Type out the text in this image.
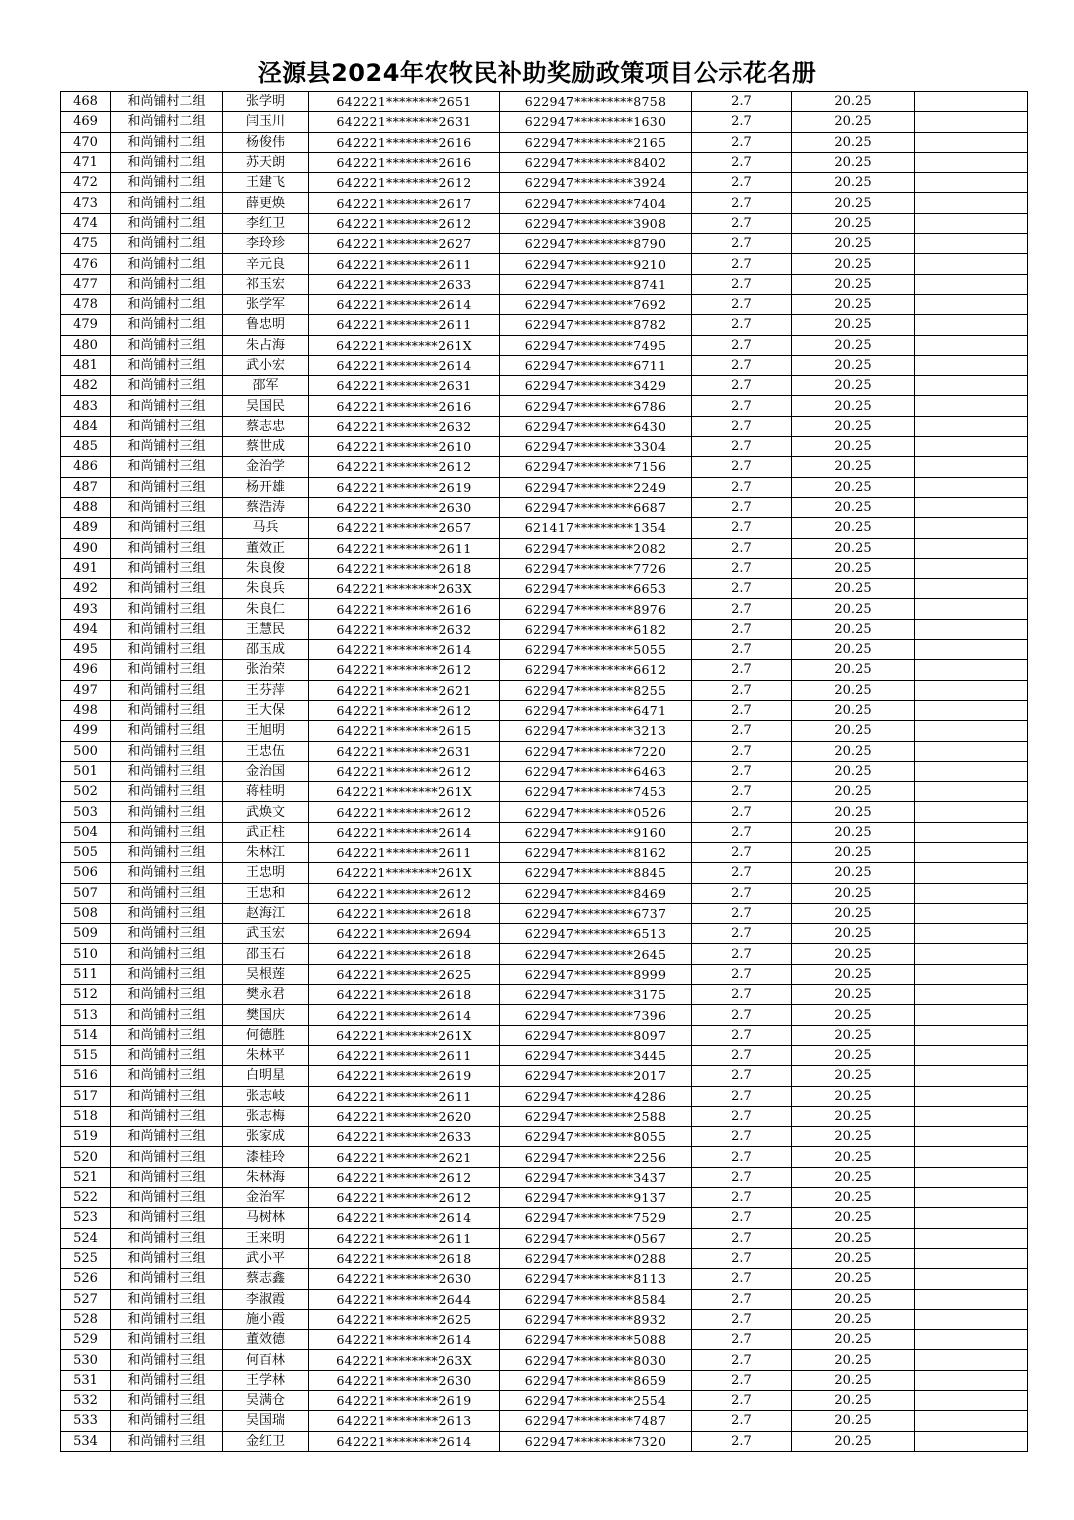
泾源县2024年农牧民补助奖励政策项目公示花名册
468	和尚铺村二组	张学明	642221********2651	622947*********8758	2.7	20.25	
469	和尚铺村二组	闫玉川	642221********2631	622947*********1630	2.7	20.25	
470	和尚铺村二组	杨俊伟	642221********2616	622947*********2165	2.7	20.25	
471	和尚铺村二组	苏天朗	642221********2616	622947*********8402	2.7	20.25	
472	和尚铺村二组	王建飞	642221********2612	622947*********3924	2.7	20.25	
473	和尚铺村二组	薛更焕	642221********2617	622947*********7404	2.7	20.25	
474	和尚铺村二组	李红卫	642221********2612	622947*********3908	2.7	20.25	
475	和尚铺村二组	李玲珍	642221********2627	622947*********8790	2.7	20.25	
476	和尚铺村二组	辛元良	642221********2611	622947*********9210	2.7	20.25	
477	和尚铺村二组	祁玉宏	642221********2633	622947*********8741	2.7	20.25	
478	和尚铺村二组	张学军	642221********2614	622947*********7692	2.7	20.25	
479	和尚铺村二组	鲁忠明	642221********2611	622947*********8782	2.7	20.25	
480	和尚铺村三组	朱占海	642221********261X	622947*********7495	2.7	20.25	
481	和尚铺村三组	武小宏	642221********2614	622947*********6711	2.7	20.25	
482	和尚铺村三组	邵军	642221********2631	622947*********3429	2.7	20.25	
483	和尚铺村三组	吴国民	642221********2616	622947*********6786	2.7	20.25	
484	和尚铺村三组	蔡志忠	642221********2632	622947*********6430	2.7	20.25	
485	和尚铺村三组	蔡世成	642221********2610	622947*********3304	2.7	20.25	
486	和尚铺村三组	金治学	642221********2612	622947*********7156	2.7	20.25	
487	和尚铺村三组	杨开雄	642221********2619	622947*********2249	2.7	20.25	
488	和尚铺村三组	蔡浩涛	642221********2630	622947*********6687	2.7	20.25	
489	和尚铺村三组	马兵	642221********2657	621417*********1354	2.7	20.25	
490	和尚铺村三组	董效正	642221********2611	622947*********2082	2.7	20.25	
491	和尚铺村三组	朱良俊	642221********2618	622947*********7726	2.7	20.25	
492	和尚铺村三组	朱良兵	642221********263X	622947*********6653	2.7	20.25	
493	和尚铺村三组	朱良仁	642221********2616	622947*********8976	2.7	20.25	
494	和尚铺村三组	王慧民	642221********2632	622947*********6182	2.7	20.25	
495	和尚铺村三组	邵玉成	642221********2614	622947*********5055	2.7	20.25	
496	和尚铺村三组	张治荣	642221********2612	622947*********6612	2.7	20.25	
497	和尚铺村三组	王芬萍	642221********2621	622947*********8255	2.7	20.25	
498	和尚铺村三组	王大保	642221********2612	622947*********6471	2.7	20.25	
499	和尚铺村三组	王旭明	642221********2615	622947*********3213	2.7	20.25	
500	和尚铺村三组	王忠伍	642221********2631	622947*********7220	2.7	20.25	
501	和尚铺村三组	金治国	642221********2612	622947*********6463	2.7	20.25	
502	和尚铺村三组	蒋桂明	642221********261X	622947*********7453	2.7	20.25	
503	和尚铺村三组	武焕文	642221********2612	622947*********0526	2.7	20.25	
504	和尚铺村三组	武正柱	642221********2614	622947*********9160	2.7	20.25	
505	和尚铺村三组	朱林江	642221********2611	622947*********8162	2.7	20.25	
506	和尚铺村三组	王忠明	642221********261X	622947*********8845	2.7	20.25	
507	和尚铺村三组	王忠和	642221********2612	622947*********8469	2.7	20.25	
508	和尚铺村三组	赵海江	642221********2618	622947*********6737	2.7	20.25	
509	和尚铺村三组	武玉宏	642221********2694	622947*********6513	2.7	20.25	
510	和尚铺村三组	邵玉石	642221********2618	622947*********2645	2.7	20.25	
511	和尚铺村三组	吴根莲	642221********2625	622947*********8999	2.7	20.25	
512	和尚铺村三组	樊永君	642221********2618	622947*********3175	2.7	20.25	
513	和尚铺村三组	樊国庆	642221********2614	622947*********7396	2.7	20.25	
514	和尚铺村三组	何德胜	642221********261X	622947*********8097	2.7	20.25	
515	和尚铺村三组	朱林平	642221********2611	622947*********3445	2.7	20.25	
516	和尚铺村三组	白明星	642221********2619	622947*********2017	2.7	20.25	
517	和尚铺村三组	张志岐	642221********2611	622947*********4286	2.7	20.25	
518	和尚铺村三组	张志梅	642221********2620	622947*********2588	2.7	20.25	
519	和尚铺村三组	张家成	642221********2633	622947*********8055	2.7	20.25	
520	和尚铺村三组	漆桂玲	642221********2621	622947*********2256	2.7	20.25	
521	和尚铺村三组	朱林海	642221********2612	622947*********3437	2.7	20.25	
522	和尚铺村三组	金治军	642221********2612	622947*********9137	2.7	20.25	
523	和尚铺村三组	马树林	642221********2614	622947*********7529	2.7	20.25	
524	和尚铺村三组	王来明	642221********2611	622947*********0567	2.7	20.25	
525	和尚铺村三组	武小平	642221********2618	622947*********0288	2.7	20.25	
526	和尚铺村三组	蔡志鑫	642221********2630	622947*********8113	2.7	20.25	
527	和尚铺村三组	李淑霞	642221********2644	622947*********8584	2.7	20.25	
528	和尚铺村三组	施小霞	642221********2625	622947*********8932	2.7	20.25	
529	和尚铺村三组	董效德	642221********2614	622947*********5088	2.7	20.25	
530	和尚铺村三组	何百林	642221********263X	622947*********8030	2.7	20.25	
531	和尚铺村三组	王学林	642221********2630	622947*********8659	2.7	20.25	
532	和尚铺村三组	吴满仓	642221********2619	622947*********2554	2.7	20.25	
533	和尚铺村三组	吴国瑞	642221********2613	622947*********7487	2.7	20.25	
534	和尚铺村三组	金红卫	642221********2614	622947*********7320	2.7	20.25	
